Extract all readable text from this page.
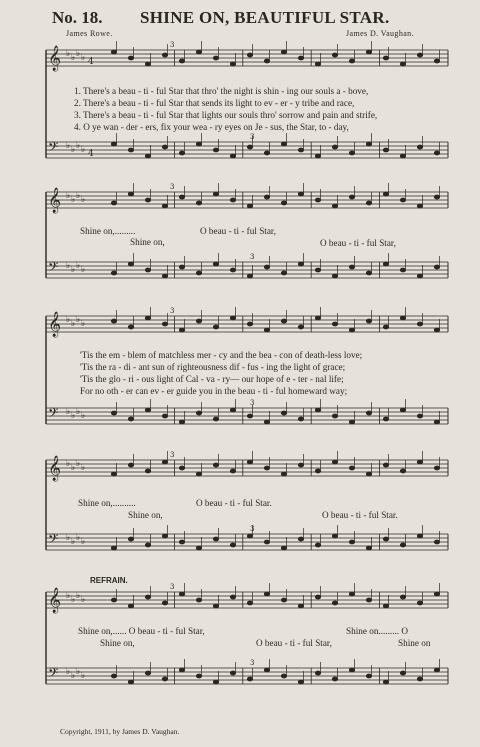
𝄞 ♭ ♭ ♭ ♭ 4
𝄢 ♭ ♭ ♭ ♭ 4
3
3
𝄞 ♭ ♭ ♭ ♭
𝄢 ♭ ♭ ♭ ♭
3
3
𝄞 ♭ ♭ ♭ ♭
𝄢 ♭ ♭ ♭ ♭
3
3
𝄞 ♭ ♭ ♭ ♭
𝄢 ♭ ♭ ♭ ♭
3
3
𝄞 ♭ ♭ ♭ ♭
𝄢 ♭ ♭ ♭ ♭
3
3
No. 18. SHINE ON, BEAUTIFUL STAR.
James Rowe.	James D. Vaughan.
1. There's a beau - ti - ful Star that thro' the night is shin - ing our souls a - bove,
2. There's a beau - ti - ful Star that sends its light to ev - er - y tribe and race,
3. There's a beau - ti - ful Star that lights our souls thro' sorrow and pain and strife,
4. O ye wan - der - ers, fix your wea - ry eyes on Je - sus, the Star, to - day,
Shine on,.........
O beau - ti - ful Star,
Shine on,
O beau - ti - ful Star,
'Tis the em - blem of matchless mer - cy and the bea - con of death-less love;
'Tis the ra - di - ant sun of righteousness dif - fus - ing the light of grace;
'Tis the glo - ri - ous light of Cal - va - ry— our hope of e - ter - nal life;
For no oth - er can ev - er guide you in the beau - ti - ful homeward way;
Shine on,..........	O beau - ti - ful Star.
Shine on,	O beau - ti - ful Star.
REFRAIN.
Shine on,...... O beau - ti - ful Star,	Shine on......... O
Shine on,	O beau - ti - ful Star,	Shine on
Copyright, 1911, by James D. Vaughan.
